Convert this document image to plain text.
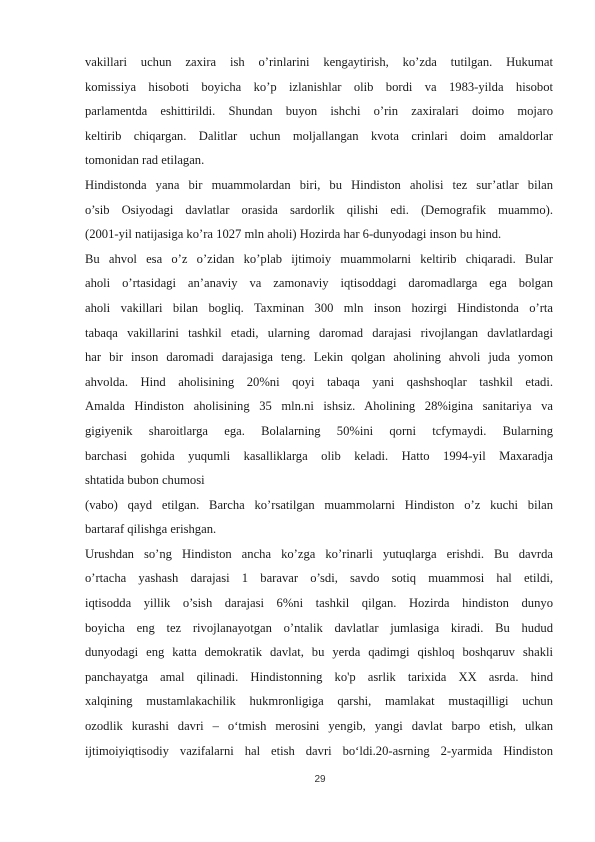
vakillari uchun zaxira ish o’rinlarini kengaytirish, ko’zda tutilgan. Hukumat
komissiya hisoboti boyicha ko’p izlanishlar olib bordi va 1983-yilda hisobot
parlamentda eshittirildi. Shundan buyon ishchi o’rin zaxiralari doimo mojaro
keltirib chiqargan. Dalitlar uchun moljallangan kvota crinlari doim amaldorlar
tomonidan rad etilagan.
Hindistonda yana bir muammolardan biri, bu Hindiston aholisi tez sur’atlar bilan
o’sib Osiyodagi davlatlar orasida sardorlik qilishi edi. (Demografik muammo).
(2001-yil natijasiga ko’ra 1027 mln aholi) Hozirda har 6-dunyodagi inson bu hind.
Bu ahvol esa o’z o’zidan ko’plab ijtimoiy muammolarni keltirib chiqaradi. Bular
aholi o’rtasidagi an’anaviy va zamonaviy iqtisoddagi daromadlarga ega bolgan
aholi vakillari bilan bogliq. Taxminan 300 mln inson hozirgi Hindistonda o’rta
tabaqa vakillarini tashkil etadi, ularning daromad darajasi rivojlangan davlatlardagi
har bir inson daromadi darajasiga teng. Lekin qolgan aholining ahvoli juda yomon
ahvolda. Hind aholisining 20%ni qoyi tabaqa yani qashshoqlar tashkil etadi.
Amalda Hindiston aholisining 35 mln.ni ishsiz. Aholining 28%igina sanitariya va
gigiyenik sharoitlarga ega. Bolalarning 50%ini qorni tcfymaydi. Bularning
barchasi gohida yuqumli kasalliklarga olib keladi. Hatto 1994-yil Maxaradja
shtatida bubon chumosi
(vabo) qayd etilgan. Barcha ko’rsatilgan muammolarni Hindiston o’z kuchi bilan
bartaraf qilishga erishgan.
Urushdan so’ng Hindiston ancha ko’zga ko’rinarli yutuqlarga erishdi. Bu davrda
o’rtacha yashash darajasi 1 baravar o’sdi, savdo sotiq muammosi hal etildi,
iqtisodda yillik o’sish darajasi 6%ni tashkil qilgan. Hozirda hindiston dunyo
boyicha eng tez rivojlanayotgan o’ntalik davlatlar jumlasiga kiradi. Bu hudud
dunyodagi eng katta demokratik davlat, bu yerda qadimgi qishloq boshqaruv shakli
panchayatga amal qilinadi. Hindistonning ko'p asrlik tarixida XX asrda. hind
xalqining mustamlakachilik hukmronligiga qarshi, mamlakat mustaqilligi uchun
ozodlik kurashi davri – o‘tmish merosini yengib, yangi davlat barpo etish, ulkan
ijtimoiyiqtisodiy vazifalarni hal etish davri bo‘ldi.20-asrning 2-yarmida Hindiston
29
